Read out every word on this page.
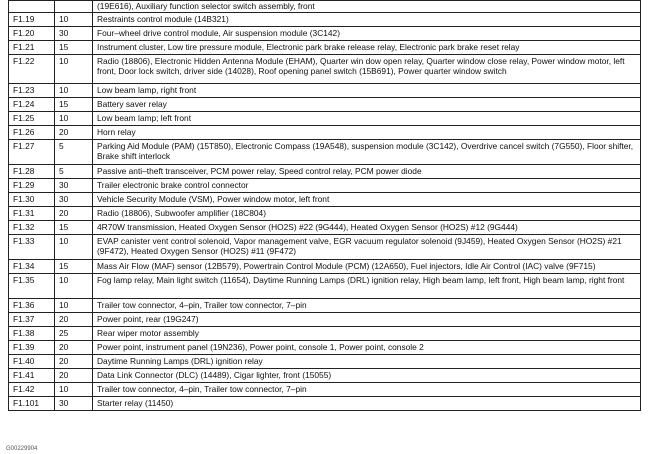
		(19E616), Auxiliary function selector switch assembly, front
F1.19	10	Restraints control module (14B321)
F1.20	30	Four–wheel drive control module, Air suspension module (3C142)
F1.21	15	Instrument cluster, Low tire pressure module, Electronic park brake release relay, Electronic park brake reset relay
F1.22	10	Radio (18806), Electronic Hidden Antenna Module (EHAM), Quarter win dow open relay, Quarter window close relay, Power window motor, left front, Door lock switch, driver side (14028), Roof opening panel switch (15B691), Power quarter window switch
F1.23	10	Low beam lamp, right front
F1.24	15	Battery saver relay
F1.25	10	Low beam lamp; left front
F1.26	20	Horn relay
F1.27	5	Parking Aid Module (PAM) (15T850), Electronic Compass (19A548), suspension module (3C142), Overdrive cancel switch (7G550), Floor shifter, Brake shift interlock
F1.28	5	Passive anti–theft transceiver, PCM power relay, Speed control relay, PCM power diode
F1.29	30	Trailer electronic brake control connector
F1.30	30	Vehicle Security Module (VSM), Power window motor, left front
F1.31	20	Radio (18806), Subwoofer amplifier (18C804)
F1.32	15	4R70W transmission, Heated Oxygen Sensor (HO2S) #22 (9G444), Heated Oxygen Sensor (HO2S) #12 (9G444)
F1.33	10	EVAP canister vent control solenoid, Vapor management valve, EGR vacuum regulator solenoid (9J459), Heated Oxygen Sensor (HO2S) #21 (9F472), Heated Oxygen Sensor (HO2S) #11 (9F472)
F1.34	15	Mass Air Flow (MAF) sensor (12B579), Powertrain Control Module (PCM) (12A650), Fuel injectors, Idle Air Control (IAC) valve (9F715)
F1.35	10	Fog lamp relay, Main light switch (11654), Daytime Running Lamps (DRL) ignition relay, High beam lamp, left front, High beam lamp, right front
F1.36	10	Trailer tow connector, 4–pin, Trailer tow connector, 7–pin
F1.37	20	Power point, rear (19G247)
F1.38	25	Rear wiper motor assembly
F1.39	20	Power point, instrument panel (19N236), Power point, console 1, Power point, console 2
F1.40	20	Daytime Running Lamps (DRL) ignition relay
F1.41	20	Data Link Connector (DLC) (14489), Cigar lighter, front (15055)
F1.42	10	Trailer tow connector, 4–pin, Trailer tow connector, 7–pin
F1.101	30	Starter relay (11450)
G00229904
